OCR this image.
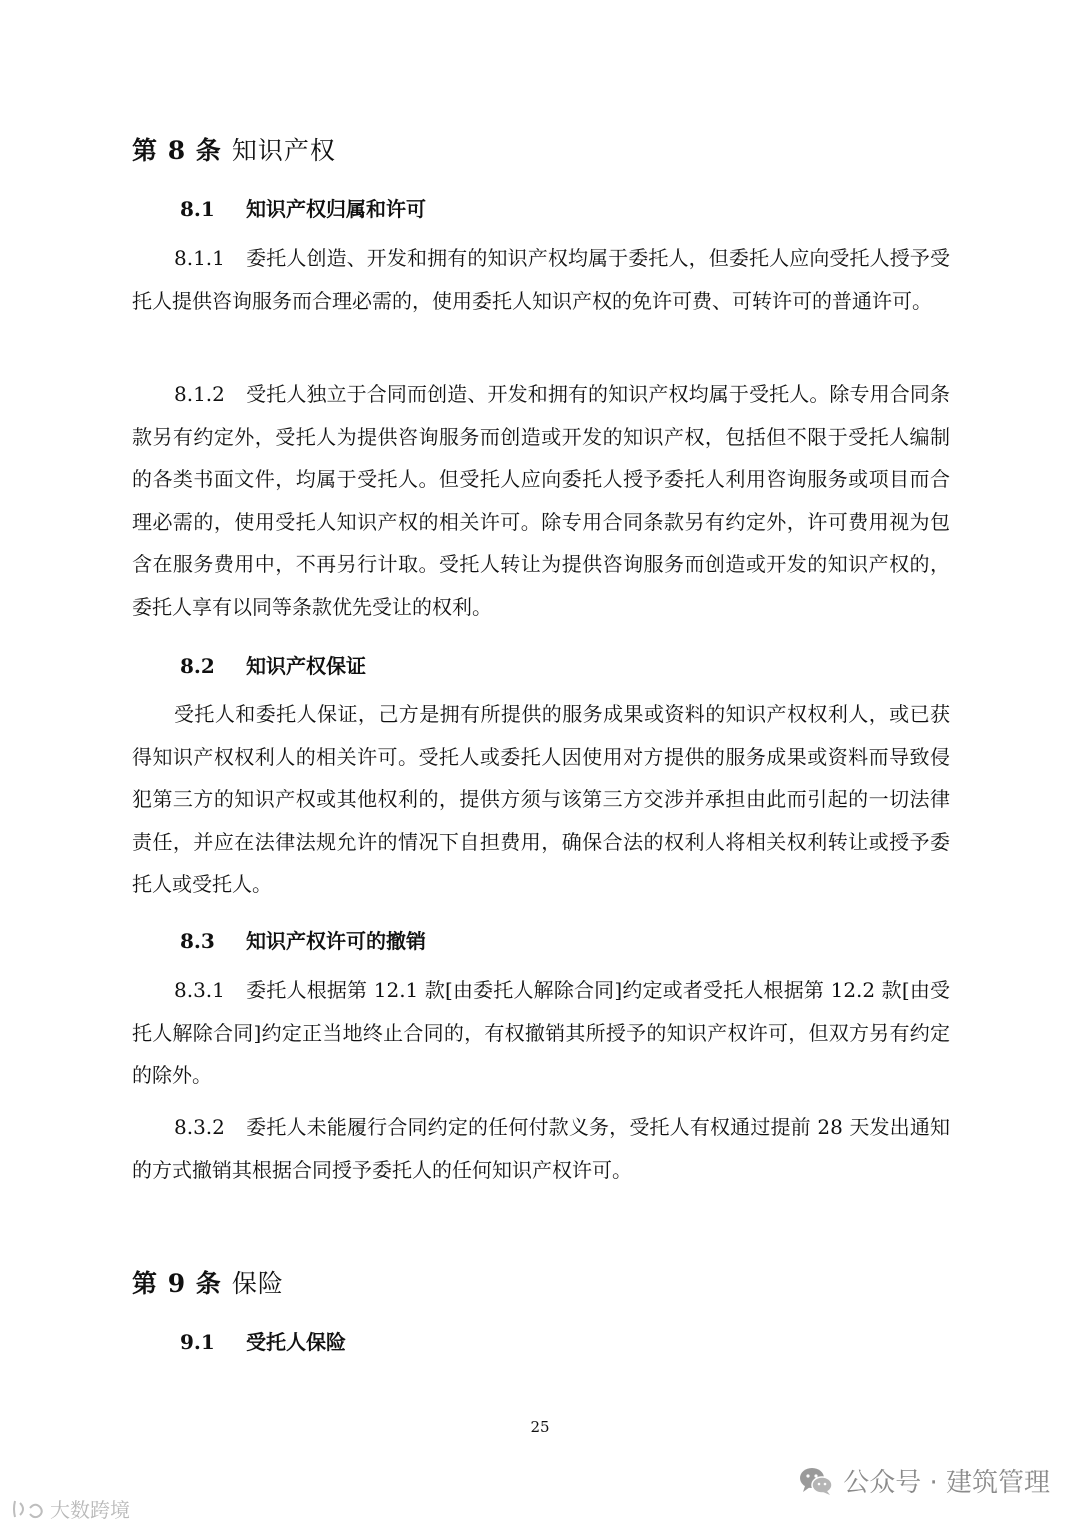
第 8 条 知识产权
8.1 知识产权归属和许可

8.1.1 委托人创造、开发和拥有的知识产权均属于委托人，但委托人应向受托人授予受托人提供咨询服务而合理必需的，使用委托人知识产权的免许可费、可转许可的普通许可。

8.1.2 受托人独立于合同而创造、开发和拥有的知识产权均属于受托人。除专用合同条款另有约定外，受托人为提供咨询服务而创造或开发的知识产权，包括但不限于受托人编制的各类书面文件，均属于受托人。但受托人应向委托人授予委托人利用咨询服务或项目而合理必需的，使用受托人知识产权的相关许可。除专用合同条款另有约定外，许可费用视为包含在服务费用中，不再另行计取。受托人转让为提供咨询服务而创造或开发的知识产权的，委托人享有以同等条款优先受让的权利。

8.2 知识产权保证

受托人和委托人保证，己方是拥有所提供的服务成果或资料的知识产权权利人，或已获得知识产权权利人的相关许可。受托人或委托人因使用对方提供的服务成果或资料而导致侵犯第三方的知识产权或其他权利的，提供方须与该第三方交涉并承担由此而引起的一切法律责任，并应在法律法规允许的情况下自担费用，确保合法的权利人将相关权利转让或授予委托人或受托人。

8.3 知识产权许可的撤销

8.3.1 委托人根据第 12.1 款[由委托人解除合同]约定或者受托人根据第 12.2 款[由受托人解除合同]约定正当地终止合同的，有权撤销其所授予的知识产权许可，但双方另有约定的除外。

8.3.2 委托人未能履行合同约定的任何付款义务，受托人有权通过提前 28 天发出通知的方式撤销其根据合同授予委托人的任何知识产权许可。

第 9 条 保险
9.1 受托人保险
25
公众号 · 建筑管理
大数跨境
